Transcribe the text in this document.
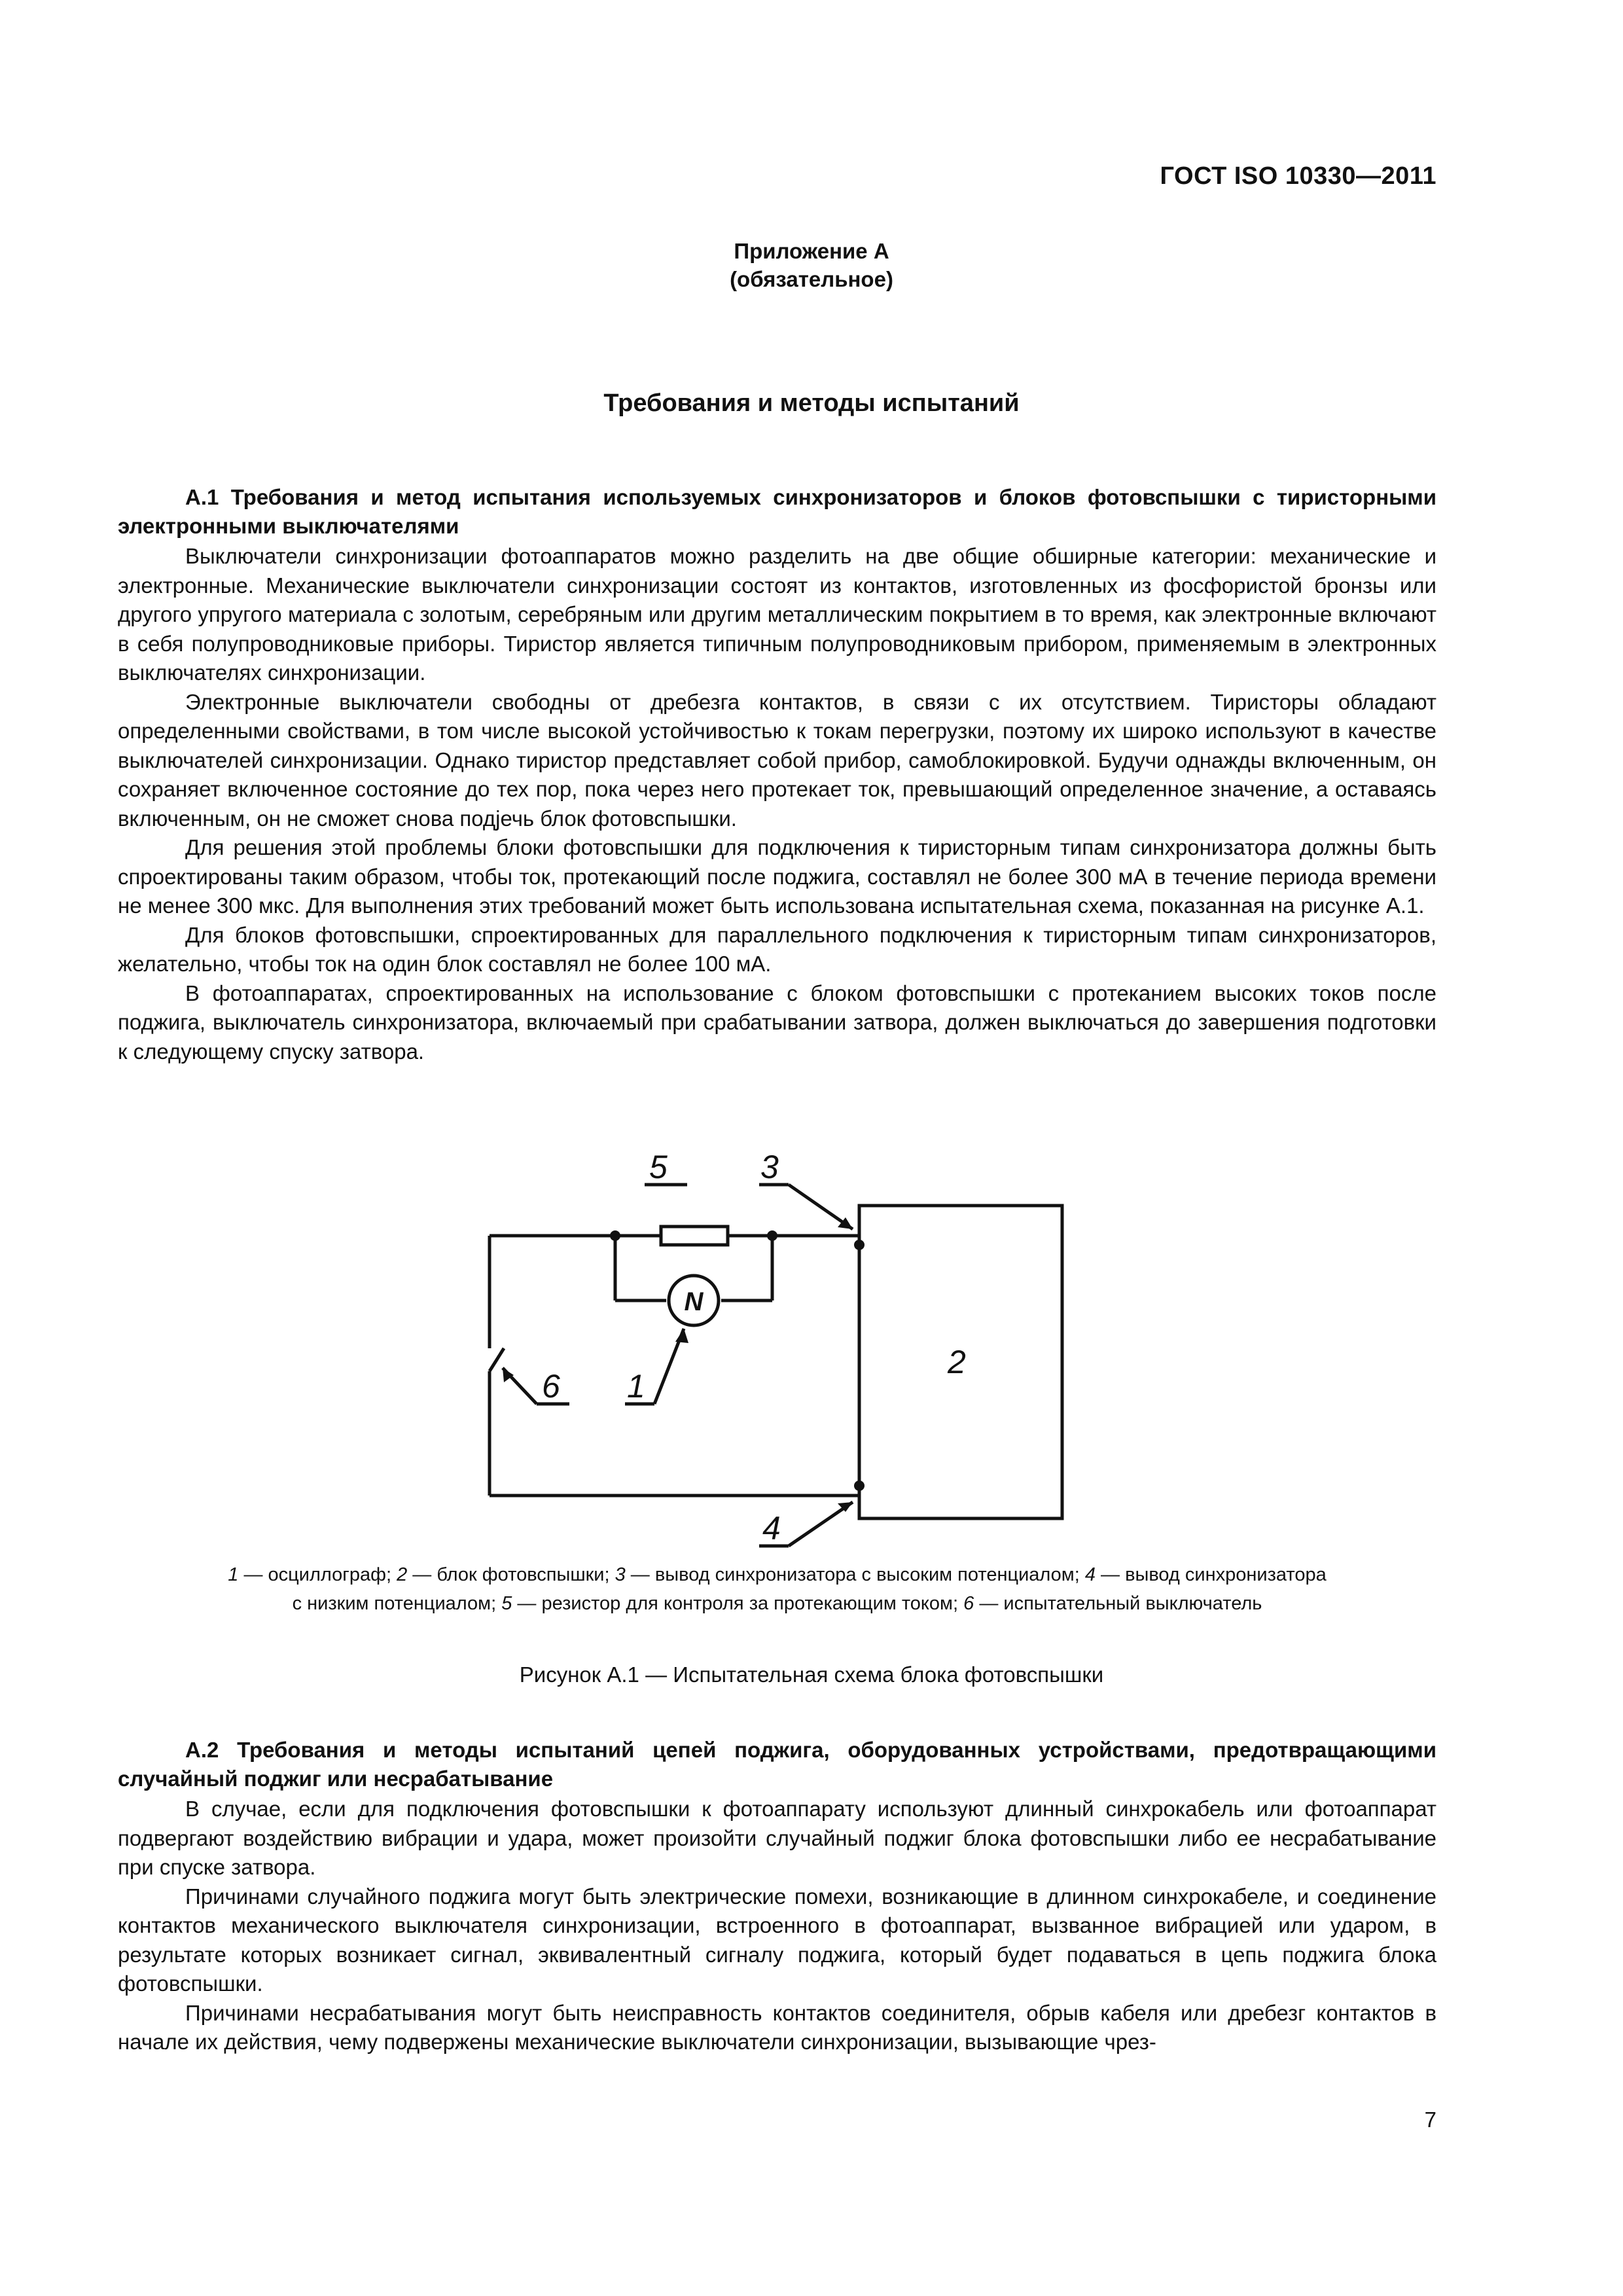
ГОСТ ISO 10330—2011
Приложение А
(обязательное)
Требования и методы испытаний
А.1 Требования и метод испытания используемых синхронизаторов и блоков фотовспышки с тиристорными электронными выключателями

Выключатели синхронизации фотоаппаратов можно разделить на две общие обширные категории: механические и электронные. Механические выключатели синхронизации состоят из контактов, изготовленных из фосфористой бронзы или другого упругого материала с золотым, серебряным или другим металлическим покрытием в то время, как электронные включают в себя полупроводниковые приборы. Тиристор является типичным полупроводниковым прибором, применяемым в электронных выключателях синхронизации.

Электронные выключатели свободны от дребезга контактов, в связи с их отсутствием. Тиристоры обладают определенными свойствами, в том числе высокой устойчивостью к токам перегрузки, поэтому их широко используют в качестве выключателей синхронизации. Однако тиристор представляет собой прибор, самоблокировкой. Будучи однажды включенным, он сохраняет включенное состояние до тех пор, пока через него протекает ток, превышающий определенное значение, а оставаясь включенным, он не сможет снова подjечь блок фотовспышки.

Для решения этой проблемы блоки фотовспышки для подключения к тиристорным типам синхронизатора должны быть спроектированы таким образом, чтобы ток, протекающий после поджига, составлял не более 300 мА в течение периода времени не менее 300 мкс. Для выполнения этих требований может быть использована испытательная схема, показанная на рисунке А.1.

Для блоков фотовспышки, спроектированных для параллельного подключения к тиристорным типам синхронизаторов, желательно, чтобы ток на один блок составлял не более 100 мА.

В фотоаппаратах, спроектированных на использование с блоком фотовспышки с протеканием высоких токов после поджига, выключатель синхронизатора, включаемый при срабатывании затвора, должен выключаться до завершения подготовки к следующему спуску затвора.

5	3
6 1
4
2
N
1 — осциллограф; 2 — блок фотовспышки; 3 — вывод синхронизатора с высоким потенциалом; 4 — вывод синхронизатора
с низким потенциалом; 5 — резистор для контроля за протекающим током; 6 — испытательный выключатель
Рисунок А.1 — Испытательная схема блока фотовспышки
А.2 Требования и методы испытаний цепей поджига, оборудованных устройствами, предотвращающими случайный поджиг или несрабатывание

В случае, если для подключения фотовспышки к фотоаппарату используют длинный синхрокабель или фотоаппарат подвергают воздействию вибрации и удара, может произойти случайный поджиг блока фотовспышки либо ее несрабатывание при спуске затвора.

Причинами случайного поджига могут быть электрические помехи, возникающие в длинном синхрокабеле, и соединение контактов механического выключателя синхронизации, встроенного в фотоаппарат, вызванное вибрацией или ударом, в результате которых возникает сигнал, эквивалентный сигналу поджига, который будет подаваться в цепь поджига блока фотовспышки.

Причинами несрабатывания могут быть неисправность контактов соединителя, обрыв кабеля или дребезг контактов в начале их действия, чему подвержены механические выключатели синхронизации, вызывающие чрез-

7
